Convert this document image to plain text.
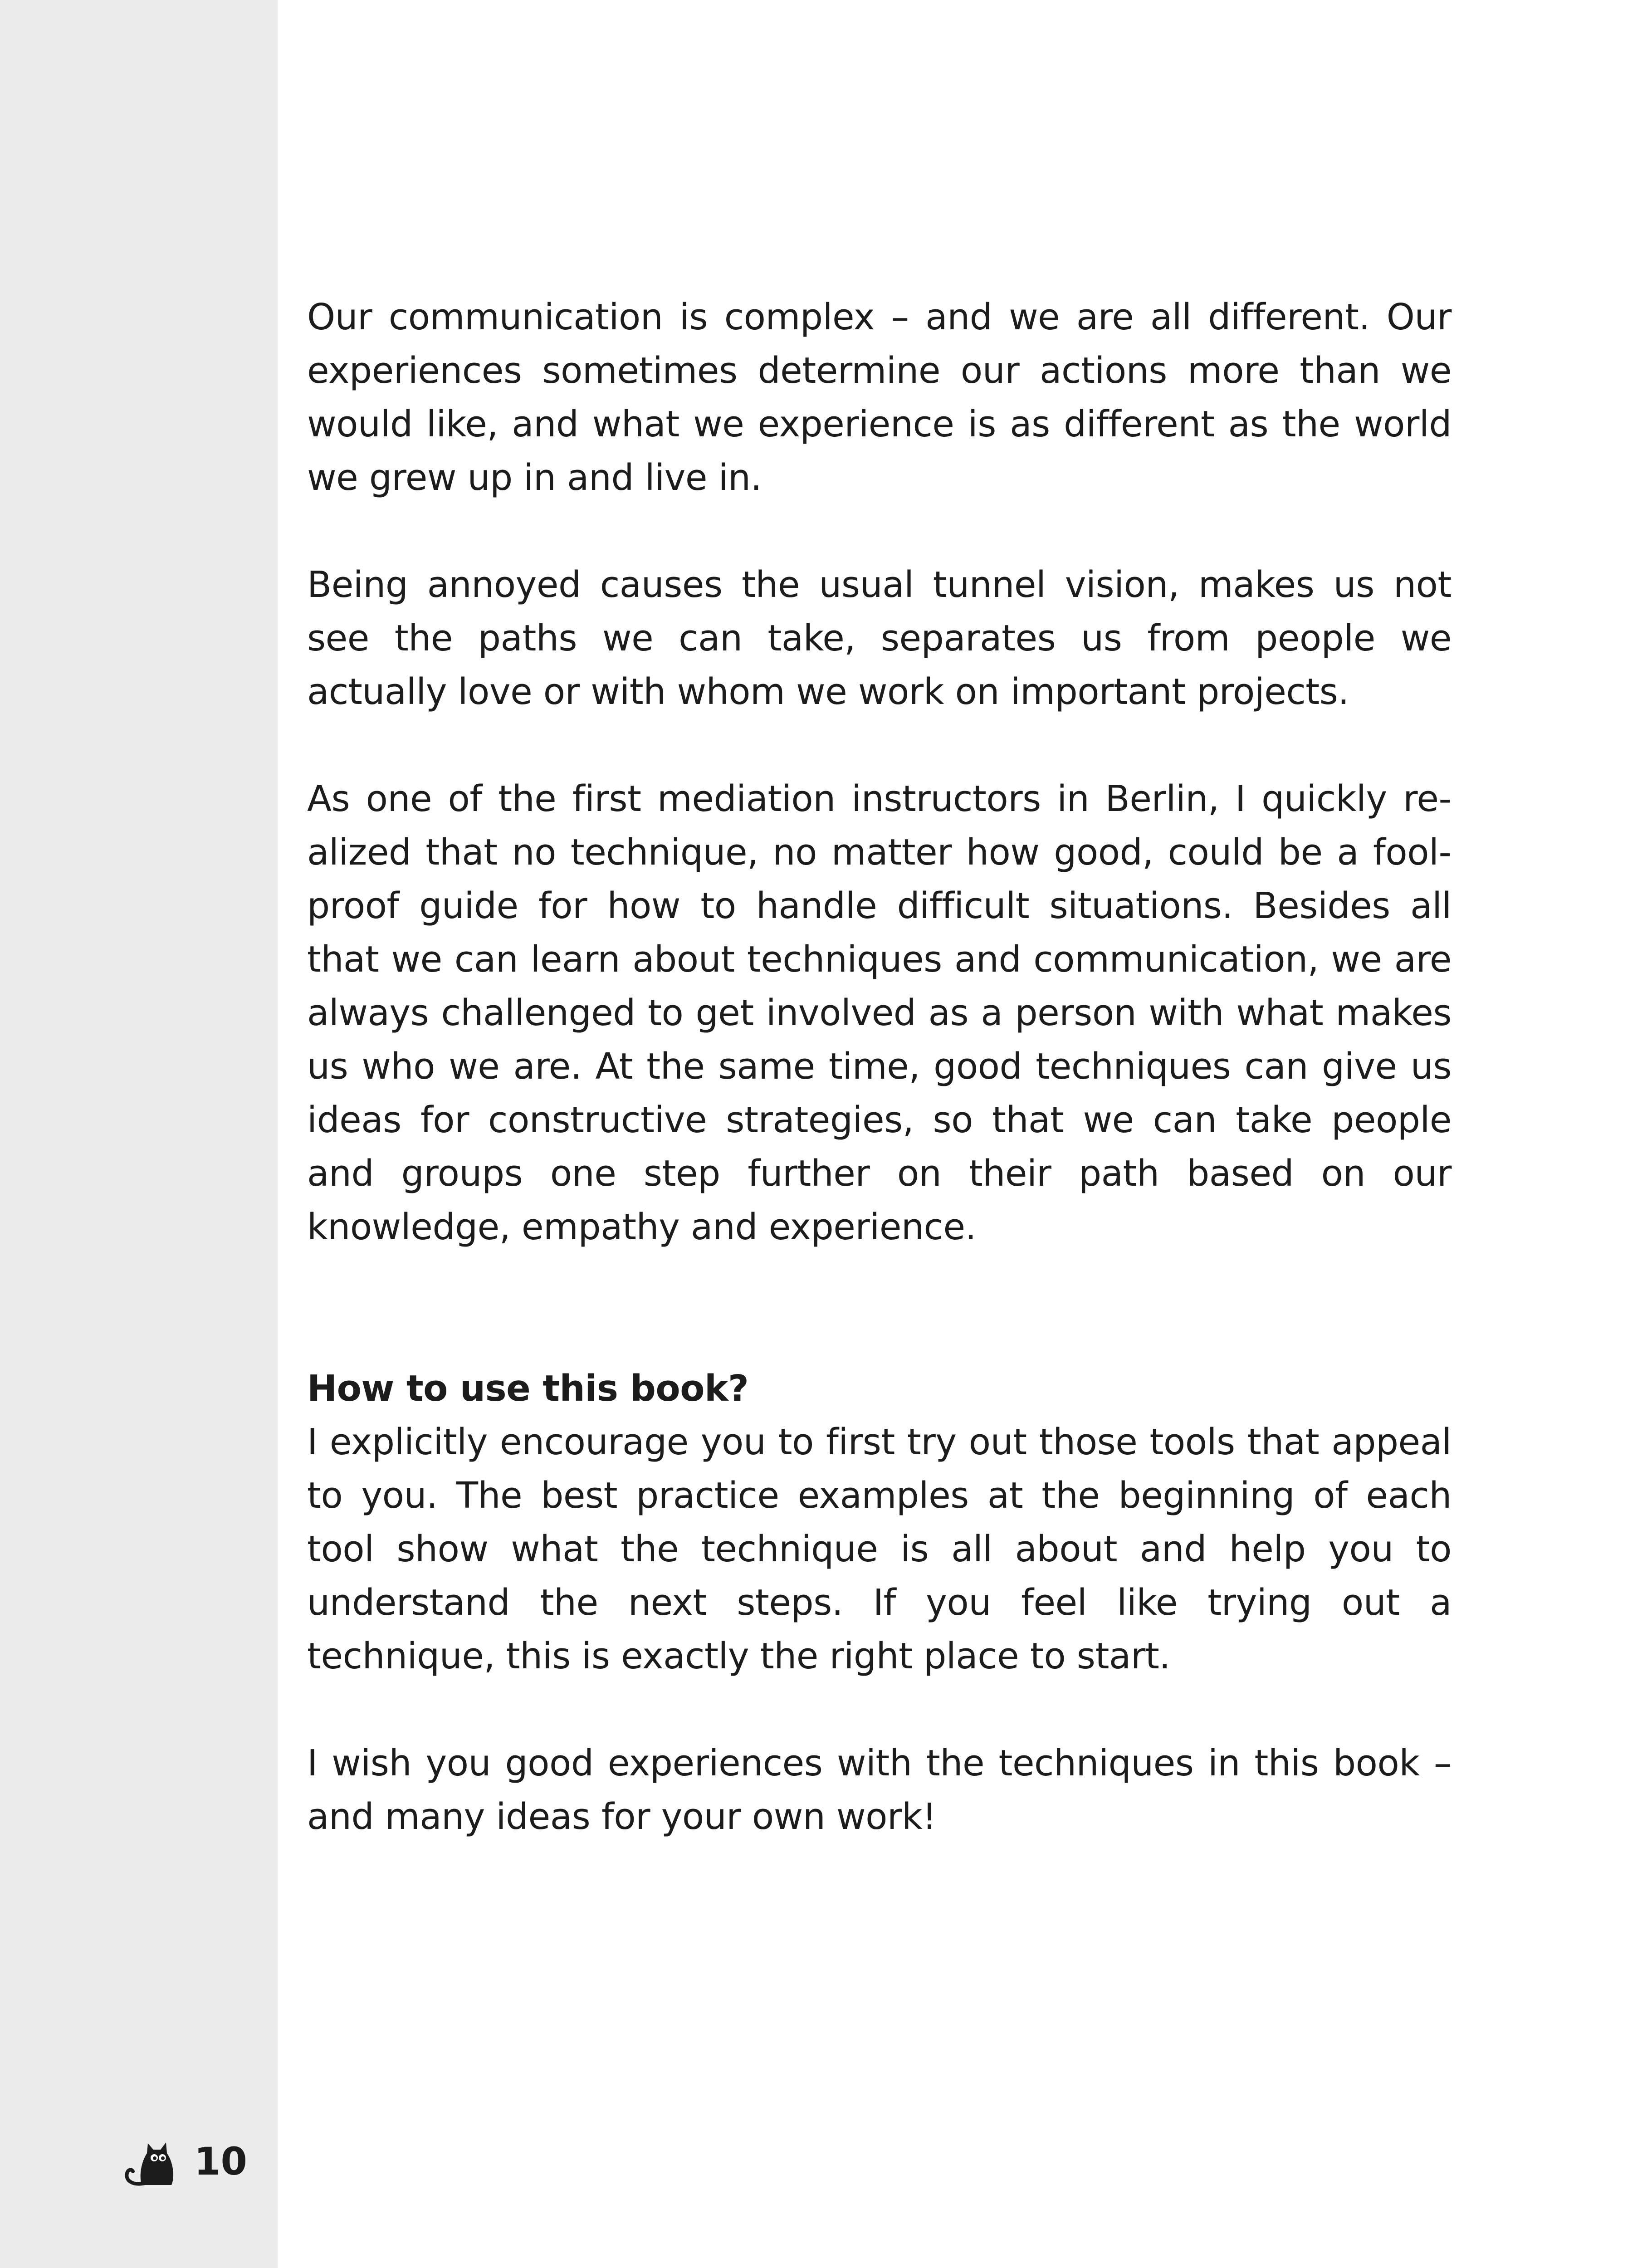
Our communication is complex – and we are all different. Our experiences sometimes determine our actions more than we would like, and what we experience is as different as the world we grew up in and live in.

Being annoyed causes the usual tunnel vision, makes us not see the paths we can take, separates us from people we actually love or with whom we work on important projects.

As one of the first mediation instructors in Berlin, I quickly realized that no technique, no matter how good, could be a foolproof guide for how to handle difficult situations. Besides all that we can learn about techniques and communication, we are always challenged to get involved as a person with what makes us who we are. At the same time, good techniques can give us ideas for constructive strategies, so that we can take people and groups one step further on their path based on our knowledge, empathy and experience.

How to use this book?

I explicitly encourage you to first try out those tools that appeal to you. The best practice examples at the beginning of each tool show what the technique is all about and help you to understand the next steps. If you feel like trying out a technique, this is exactly the right place to start.

I wish you good experiences with the techniques in this book – and many ideas for your own work!

10
